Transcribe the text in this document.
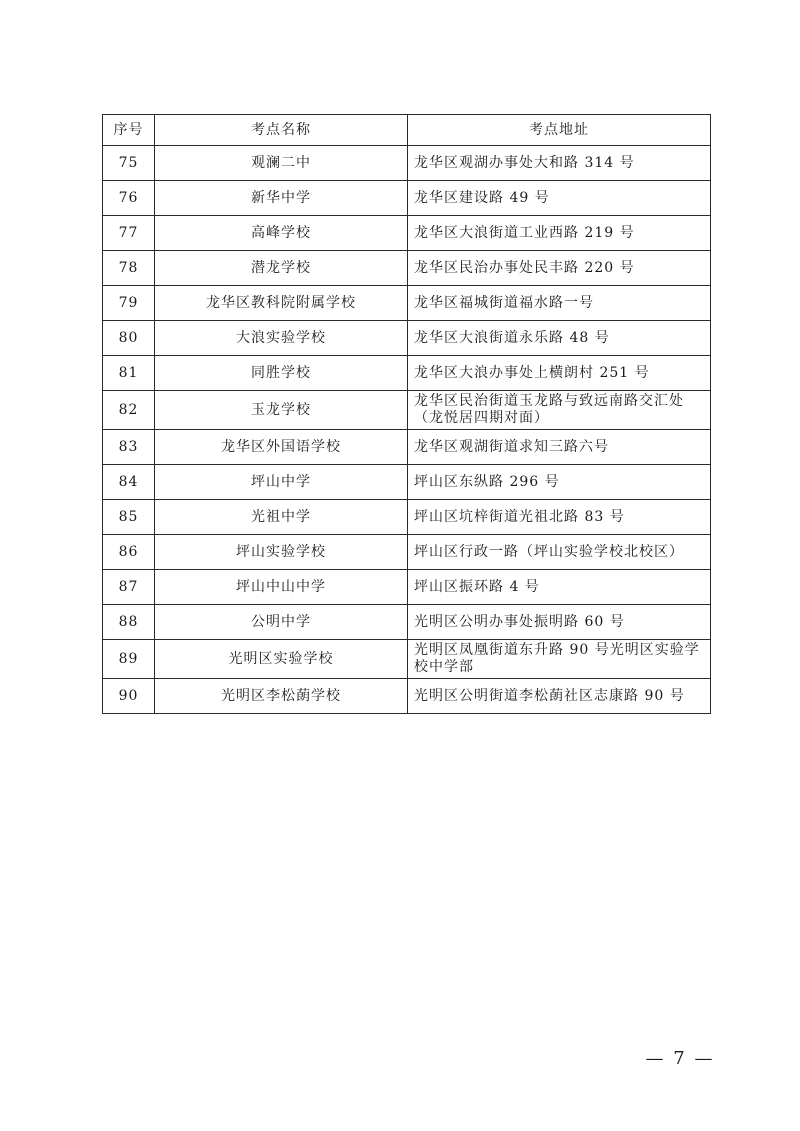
序号	考点名称	考点地址
75	观澜二中	龙华区观湖办事处大和路 314 号
76	新华中学	龙华区建设路 49 号
77	高峰学校	龙华区大浪街道工业西路 219 号
78	潜龙学校	龙华区民治办事处民丰路 220 号
79	龙华区教科院附属学校	龙华区福城街道福水路一号
80	大浪实验学校	龙华区大浪街道永乐路 48 号
81	同胜学校	龙华区大浪办事处上横朗村 251 号
82	玉龙学校	龙华区民治街道玉龙路与致远南路交汇处（龙悦居四期对面）
83	龙华区外国语学校	龙华区观湖街道求知三路六号
84	坪山中学	坪山区东纵路 296 号
85	光祖中学	坪山区坑梓街道光祖北路 83 号
86	坪山实验学校	坪山区行政一路（坪山实验学校北校区）
87	坪山中山中学	坪山区振环路 4 号
88	公明中学	光明区公明办事处振明路 60 号
89	光明区实验学校	光明区凤凰街道东升路 90 号光明区实验学校中学部
90	光明区李松蓢学校	光明区公明街道李松蓢社区志康路 90 号
— 7 —
